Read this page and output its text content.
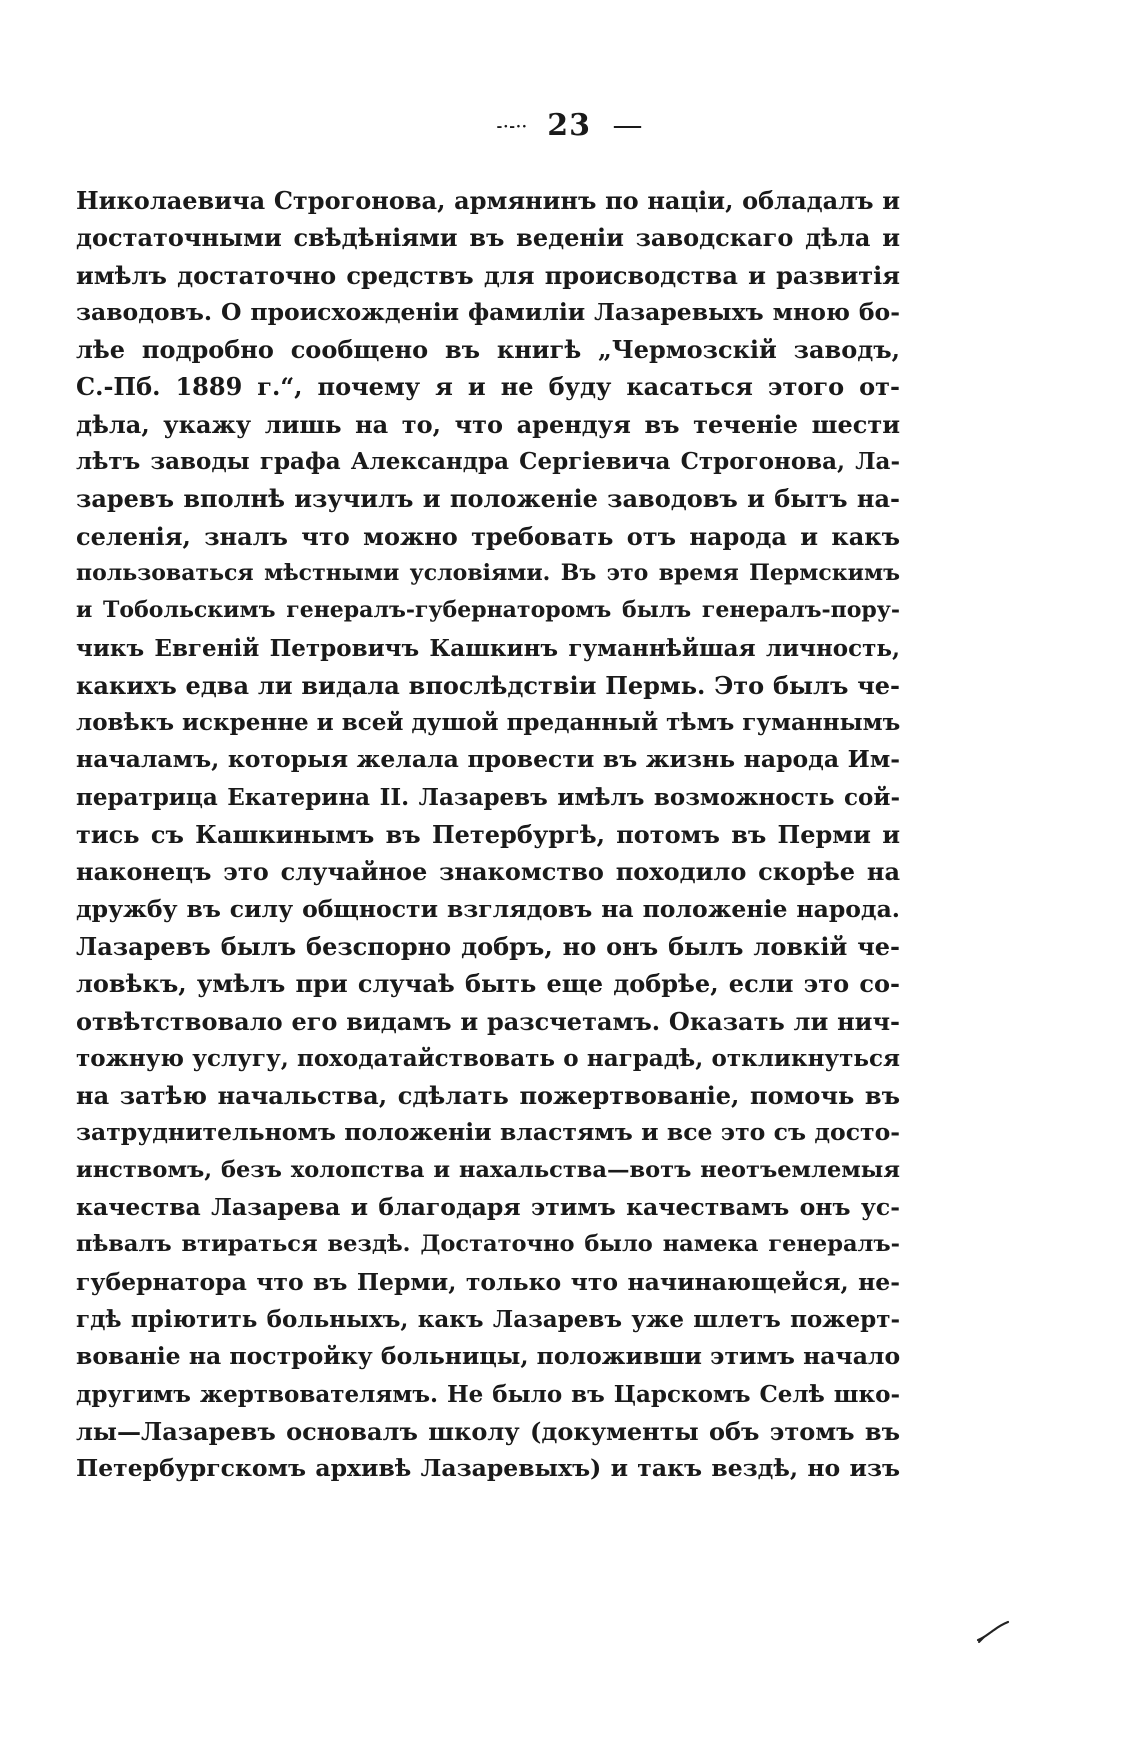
-·-·· 23 —
Николаевича Строгонова, армянинъ по націи, обладалъ и
достаточными свѣдѣніями въ веденіи заводскаго дѣла и
имѣлъ достаточно средствъ для происводства и развитія
заводовъ. О происхожденіи фамиліи Лазаревыхъ мною бо-
лѣе подробно сообщено въ книгѣ „Чермозскій заводъ,
С.-Пб. 1889 г.“, почему я и не буду касаться этого от-
дѣла, укажу лишь на то, что арендуя въ теченіе шести
лѣтъ заводы графа Александра Сергіевича Строгонова, Ла-
заревъ вполнѣ изучилъ и положеніе заводовъ и бытъ на-
селенія, зналъ что можно требовать отъ народа и какъ
пользоваться мѣстными условіями. Въ это время Пермскимъ
и Тобольскимъ генералъ-губернаторомъ былъ генералъ-пору-
чикъ Евгеній Петровичъ Кашкинъ гуманнѣйшая личность,
какихъ едва ли видала впослѣдствіи Пермь. Это былъ че-
ловѣкъ искренне и всей душой преданный тѣмъ гуманнымъ
началамъ, которыя желала провести въ жизнь народа Им-
ператрица Екатерина II. Лазаревъ имѣлъ возможность сой-
тись съ Кашкинымъ въ Петербургѣ, потомъ въ Перми и
наконецъ это случайное знакомство походило скорѣе на
дружбу въ силу общности взглядовъ на положеніе народа.
Лазаревъ былъ безспорно добръ, но онъ былъ ловкій че-
ловѣкъ, умѣлъ при случаѣ быть еще добрѣе, если это со-
отвѣтствовало его видамъ и разсчетамъ. Оказать ли нич-
тожную услугу, походатайствовать о наградѣ, откликнуться
на затѣю начальства, сдѣлать пожертвованіе, помочь въ
затруднительномъ положеніи властямъ и все это съ досто-
инствомъ, безъ холопства и нахальства—вотъ неотъемлемыя
качества Лазарева и благодаря этимъ качествамъ онъ ус-
пѣвалъ втираться вездѣ. Достаточно было намека генералъ-
губернатора что въ Перми, только что начинающейся, не-
гдѣ пріютить больныхъ, какъ Лазаревъ уже шлетъ пожерт-
вованіе на постройку больницы, положивши этимъ начало
другимъ жертвователямъ. Не было въ Царскомъ Селѣ шко-
лы—Лазаревъ основалъ школу (документы объ этомъ въ
Петербургскомъ архивѣ Лазаревыхъ) и такъ вездѣ, но изъ
